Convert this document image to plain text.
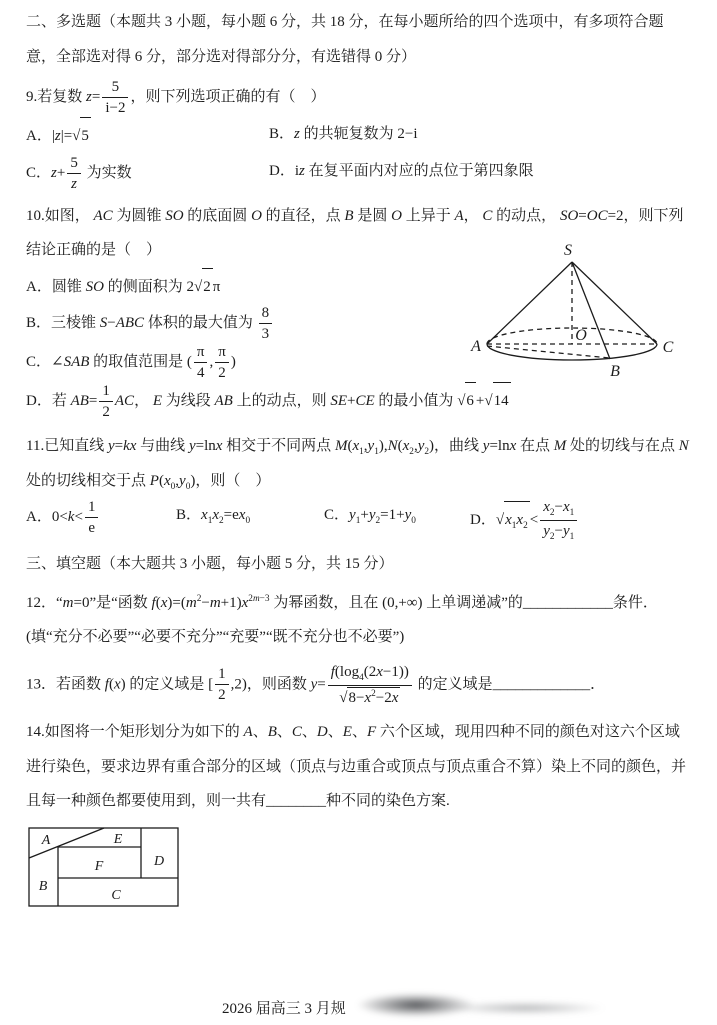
二、多选题（本题共 3 小题，每小题 6 分，共 18 分，在每小题所给的四个选项中，有多项符合题意，全部选对得 6 分，部分选对得部分分，有选错得 0 分）

9.若复数 $z= \frac{5}{i-2}$ ，则下列选项正确的有（　）

A．|z|= √ 5	B．z 的共轭复数为 2−i
C．$z+ \frac{5}{z}$ 为实数	D．iz 在复平面内对应的点位于第四象限

10.如图， AC 为圆锥 SO 的底面圆 O 的直径，点 B 是圆 O 上异于 A， C 的动点， SO=OC=2，则下列结论正确的是（　）

A．圆锥 SO 的侧面积为 2 √ 2 π

B．三棱锥 S−ABC 体积的最大值为 $\frac{8}{3}$

C．∠SAB 的取值范围是 ( $\frac{\pi}{4}$ , $\frac{\pi}{2}$ )

D．若 $AB= \frac{1}{2}$ AC， E 为线段 AB 上的动点，则 SE+CE 的最小值为 √ 6 + √ 14

S
A	C
O
B

11.已知直线 y=kx 与曲线 y=lnx 相交于不同两点 $M(x_1,y_1),N(x_2,y_2)$，曲线 y=lnx 在点 M 处的切线与在点 N 处的切线相交于点 $P(x_0,y_0)$，则（　）

A．$0<k< \frac{1}{e}$	B．$x_1x_2=ex_0$	C．$y_1+y_2=1+y_0$	D． √ $x_1x_2 < \frac{x_2-x_1}{y_2-y_1}$

三、填空题（本大题共 3 小题，每小题 5 分，共 15 分）

12．“m=0”是“函数 $f(x)=(m^2-m+1)x^{2m-3}$ 为幂函数，且在 (0,+∞) 上单调递减”的____________条件．(填“充分不必要”“必要不充分”“充要”“既不充分也不必要”)

13．若函数 f(x) 的定义域是 [ $\frac{1}{2} ,2$)，则函数 $y= \frac{f(\log_4(2x-1))}{√ 8-x^2-2x}$ 的定义域是_____________．

14.如图将一个矩形划分为如下的 A、B、C、D、E、F 六个区域，现用四种不同的颜色对这六个区域进行染色，要求边界有重合部分的区域（顶点与边重合或顶点与顶点重合不算）染上不同的颜色，并且每一种颜色都要使用到，则一共有________种不同的染色方案.

A	E
D
F
B
C
2026 届高三 3 月规
